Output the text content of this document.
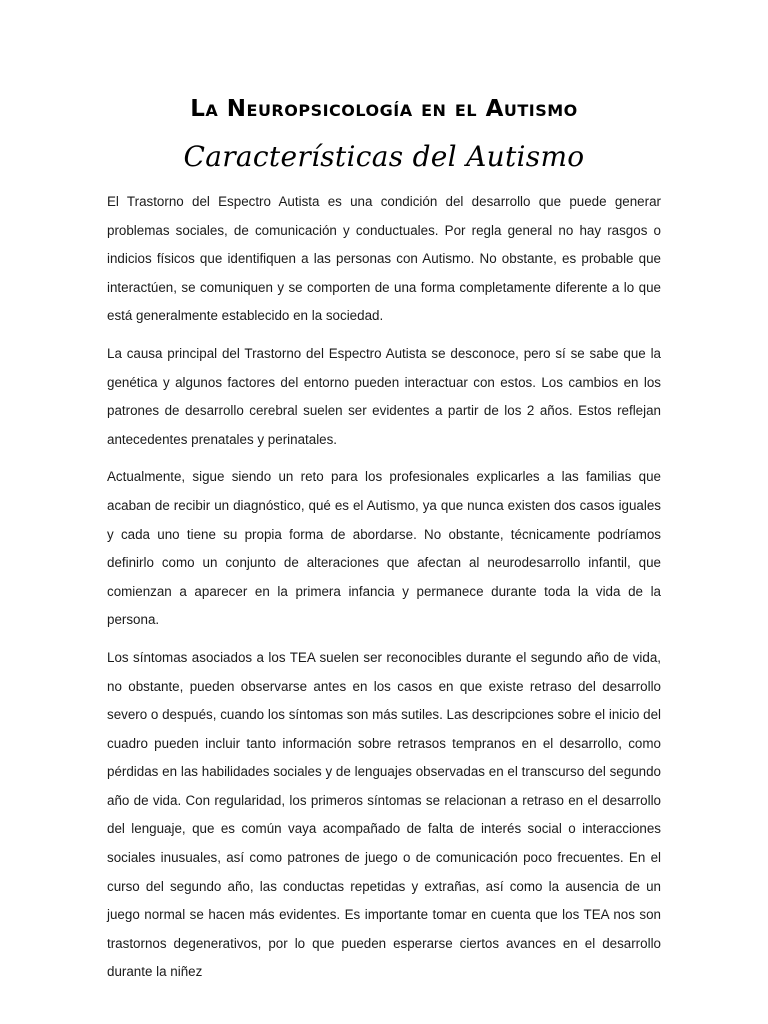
La Neuropsicología en el Autismo
Características del Autismo

El Trastorno del Espectro Autista es una condición del desarrollo que puede generar problemas sociales, de comunicación y conductuales. Por regla general no hay rasgos o indicios físicos que identifiquen a las personas con Autismo. No obstante, es probable que interactúen, se comuniquen y se comporten de una forma completamente diferente a lo que está generalmente establecido en la sociedad.

La causa principal del Trastorno del Espectro Autista se desconoce, pero sí se sabe que la genética y algunos factores del entorno pueden interactuar con estos. Los cambios en los patrones de desarrollo cerebral suelen ser evidentes a partir de los 2 años. Estos reflejan antecedentes prenatales y perinatales.

Actualmente, sigue siendo un reto para los profesionales explicarles a las familias que acaban de recibir un diagnóstico, qué es el Autismo, ya que nunca existen dos casos iguales y cada uno tiene su propia forma de abordarse. No obstante, técnicamente podríamos definirlo como un conjunto de alteraciones que afectan al neurodesarrollo infantil, que comienzan a aparecer en la primera infancia y permanece durante toda la vida de la persona.

Los síntomas asociados a los TEA suelen ser reconocibles durante el segundo año de vida, no obstante, pueden observarse antes en los casos en que existe retraso del desarrollo severo o después, cuando los síntomas son más sutiles. Las descripciones sobre el inicio del cuadro pueden incluir tanto información sobre retrasos tempranos en el desarrollo, como pérdidas en las habilidades sociales y de lenguajes observadas en el transcurso del segundo año de vida. Con regularidad, los primeros síntomas se relacionan a retraso en el desarrollo del lenguaje, que es común vaya acompañado de falta de interés social o interacciones sociales inusuales, así como patrones de juego o de comunicación poco frecuentes. En el curso del segundo año, las conductas repetidas y extrañas, así como la ausencia de un juego normal se hacen más evidentes. Es importante tomar en cuenta que los TEA nos son trastornos degenerativos, por lo que pueden esperarse ciertos avances en el desarrollo durante la niñez
